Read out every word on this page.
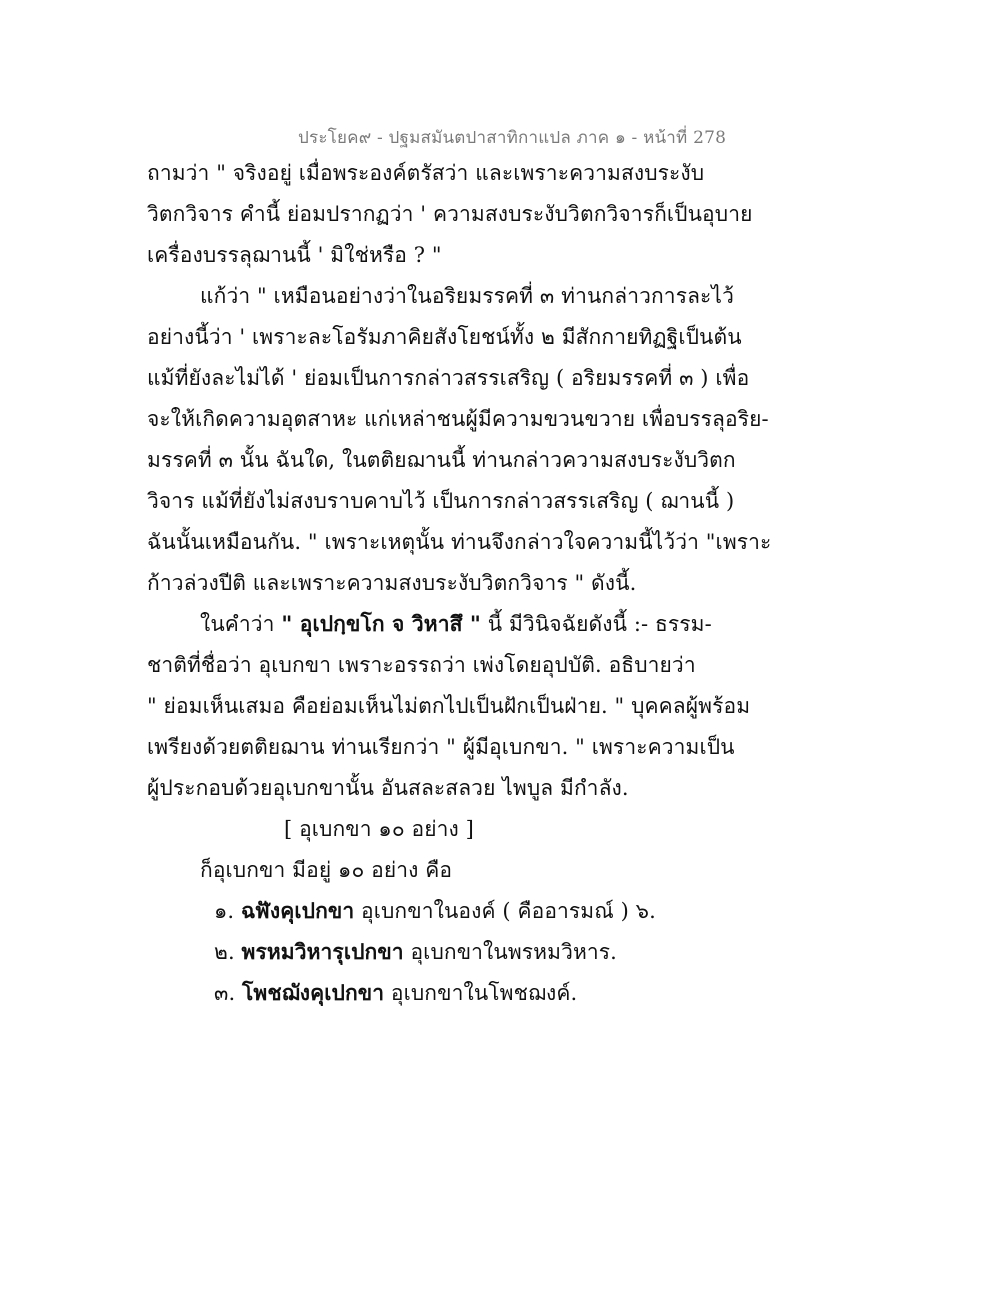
ประโยค๙ - ปฐมสมันตปาสาทิกาแปล ภาค ๑ - หน้าที่ 278
ถามว่า " จริงอยู่ เมื่อพระองค์ตรัสว่า และเพราะความสงบระงับ
วิตกวิจาร คำนี้ ย่อมปรากฏว่า ' ความสงบระงับวิตกวิจารก็เป็นอุบาย
เครื่องบรรลุฌานนี้ ' มิใช่หรือ ? "
แก้ว่า " เหมือนอย่างว่าในอริยมรรคที่ ๓ ท่านกล่าวการละไว้
อย่างนี้ว่า ' เพราะละโอรัมภาคิยสังโยชน์ทั้ง ๒ มีสักกายทิฏฐิเป็นต้น
แม้ที่ยังละไม่ได้ ' ย่อมเป็นการกล่าวสรรเสริญ ( อริยมรรคที่ ๓ ) เพื่อ
จะให้เกิดความอุตสาหะ แก่เหล่าชนผู้มีความขวนขวาย เพื่อบรรลุอริย-
มรรคที่ ๓ นั้น ฉันใด, ในตติยฌานนี้ ท่านกล่าวความสงบระงับวิตก
วิจาร แม้ที่ยังไม่สงบราบคาบไว้ เป็นการกล่าวสรรเสริญ ( ฌานนี้ )
ฉันนั้นเหมือนกัน. " เพราะเหตุนั้น ท่านจึงกล่าวใจความนี้ไว้ว่า "เพราะ
ก้าวล่วงปีติ และเพราะความสงบระงับวิตกวิจาร " ดังนี้.
ในคำว่า " อุเปกฺขโก จ วิหาสึ " นี้ มีวินิจฉัยดังนี้ :- ธรรม-
ชาติที่ชื่อว่า อุเบกขา เพราะอรรถว่า เพ่งโดยอุปบัติ. อธิบายว่า
" ย่อมเห็นเสมอ คือย่อมเห็นไม่ตกไปเป็นฝักเป็นฝ่าย. " บุคคลผู้พร้อม
เพรียงด้วยตติยฌาน ท่านเรียกว่า " ผู้มีอุเบกขา. " เพราะความเป็น
ผู้ประกอบด้วยอุเบกขานั้น อันสละสลวย ไพบูล มีกำลัง.
[ อุเบกขา ๑๐ อย่าง ]
ก็อุเบกขา มีอยู่ ๑๐ อย่าง คือ
๑. ฉฬังคุเปกขา อุเบกขาในองค์ ( คืออารมณ์ ) ๖.
๒. พรหมวิหารุเปกขา อุเบกขาในพรหมวิหาร.
๓. โพชฌังคุเปกขา อุเบกขาในโพชฌงค์.
